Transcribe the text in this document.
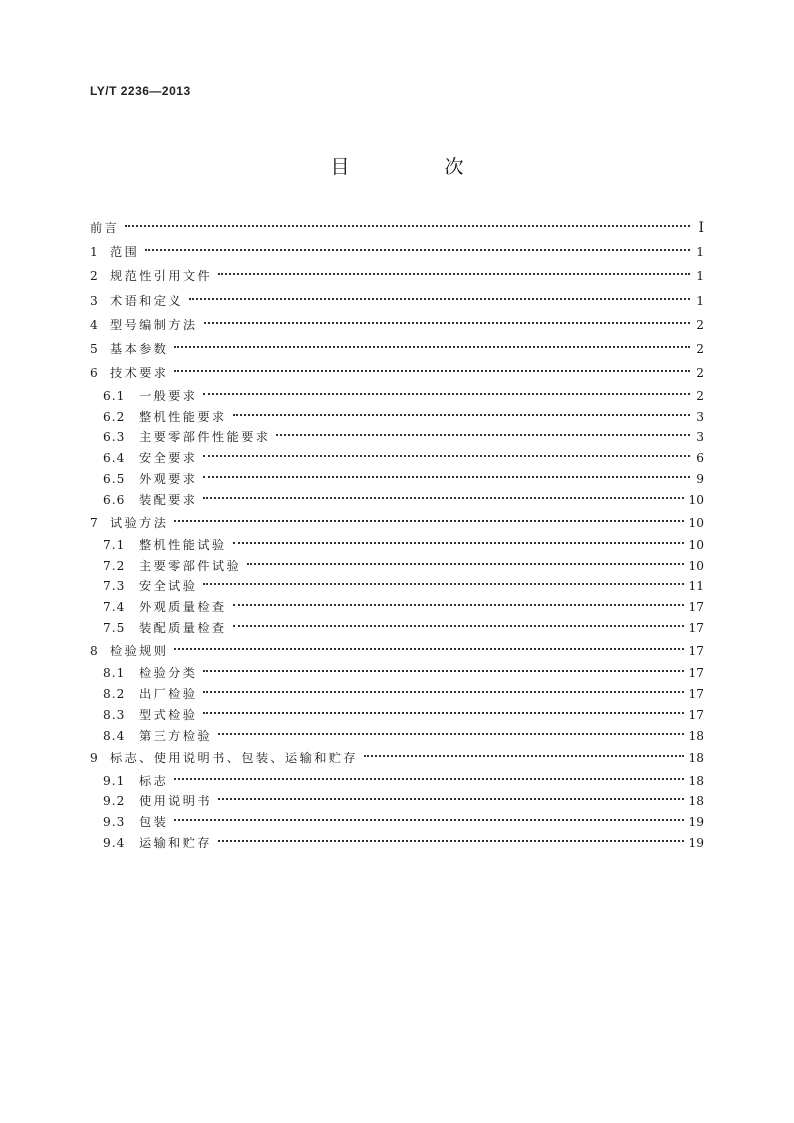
LY/T 2236—2013
目　次
前言	Ⅰ
1	范围	1
2	规范性引用文件	1
3	术语和定义	1
4	型号编制方法	2
5	基本参数	2
6	技术要求	2
6.1	一般要求	2
6.2	整机性能要求	3
6.3	主要零部件性能要求	3
6.4	安全要求	6
6.5	外观要求	9
6.6	装配要求	10
7	试验方法	10
7.1	整机性能试验	10
7.2	主要零部件试验	10
7.3	安全试验	11
7.4	外观质量检查	17
7.5	装配质量检查	17
8	检验规则	17
8.1	检验分类	17
8.2	出厂检验	17
8.3	型式检验	17
8.4	第三方检验	18
9	标志、使用说明书、包装、运输和贮存	18
9.1	标志	18
9.2	使用说明书	18
9.3	包装	19
9.4	运输和贮存	19
